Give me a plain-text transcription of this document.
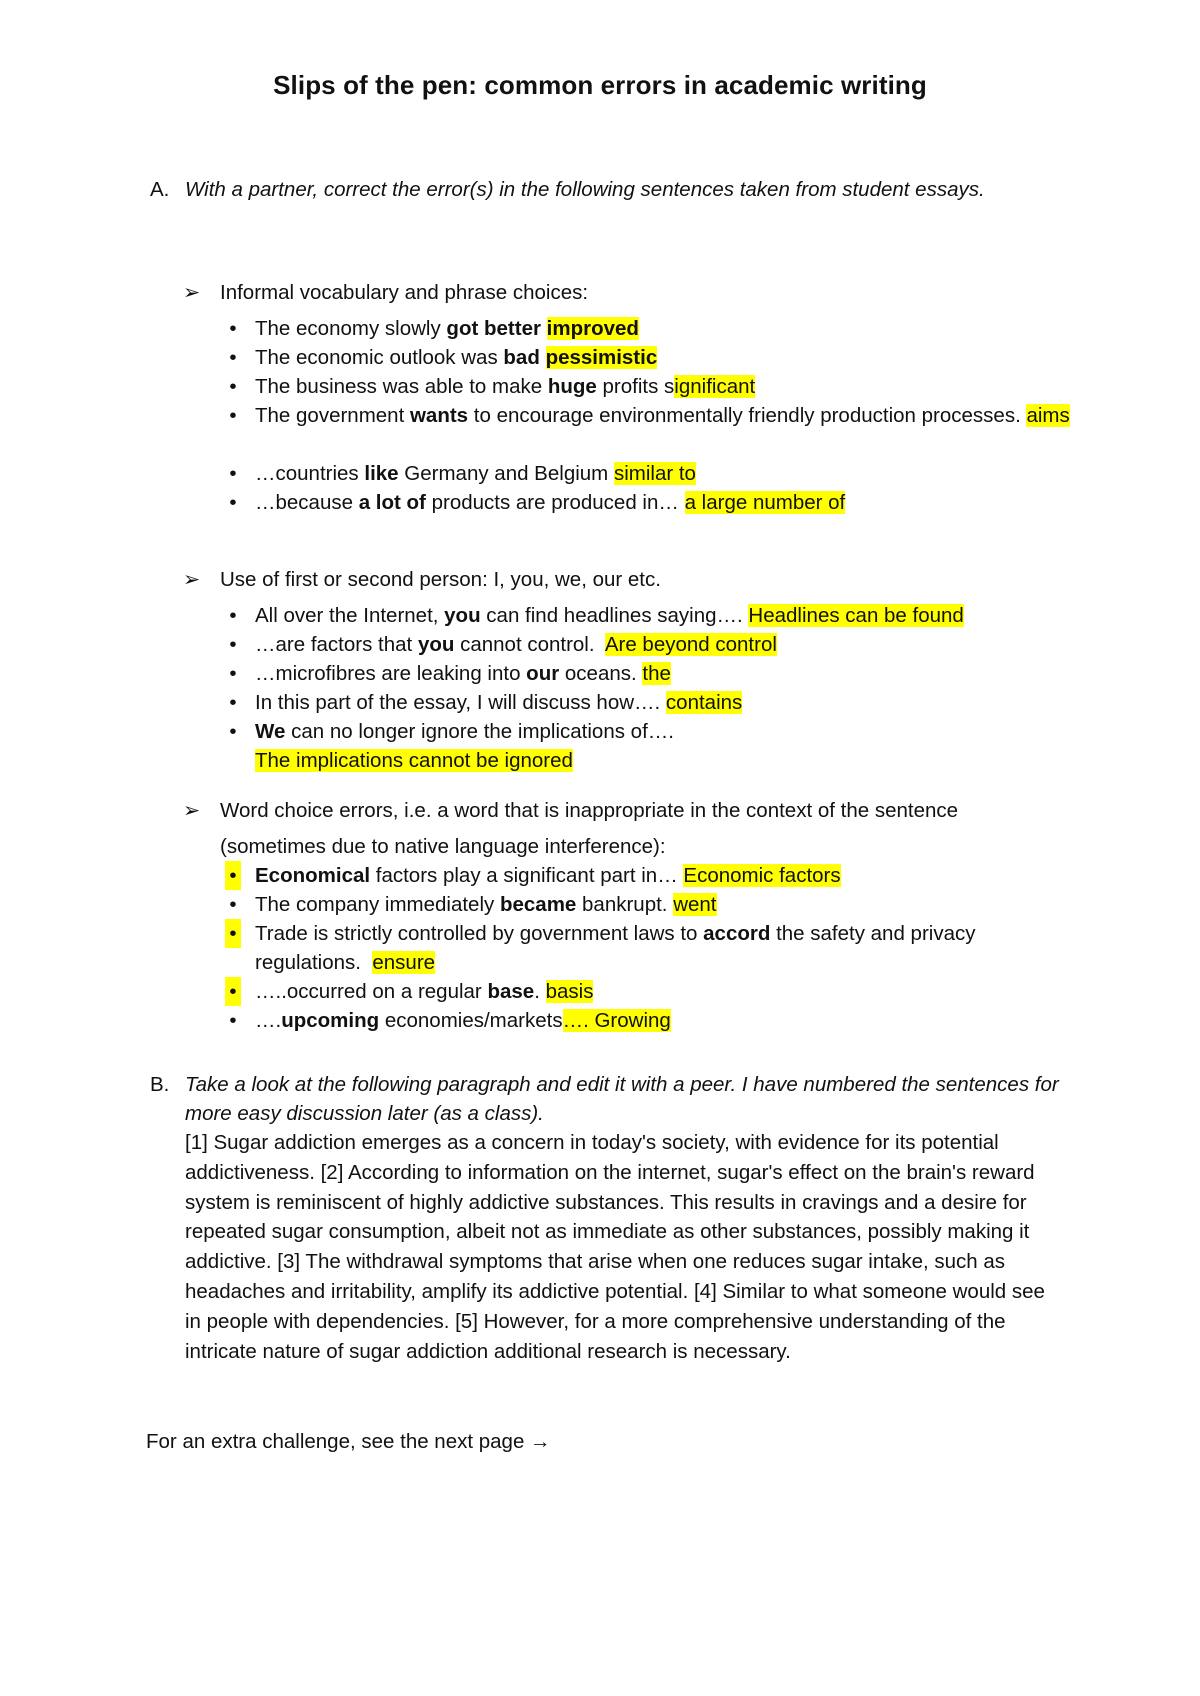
Slips of the pen: common errors in academic writing
A. With a partner, correct the error(s) in the following sentences taken from student essays.
➢ Informal vocabulary and phrase choices:
• The economy slowly got better improved
• The economic outlook was bad pessimistic
• The business was able to make huge profits significant
• The government wants to encourage environmentally friendly production processes. aims
• …countries like Germany and Belgium similar to
• …because a lot of products are produced in… a large number of
➢ Use of first or second person: I, you, we, our etc.
• All over the Internet, you can find headlines saying…. Headlines can be found
• …are factors that you cannot control.  Are beyond control
• …microfibres are leaking into our oceans. the
• In this part of the essay, I will discuss how…. contains
• We can no longer ignore the implications of….
The implications cannot be ignored
➢ Word choice errors, i.e. a word that is inappropriate in the context of the sentence (sometimes due to native language interference):
• Economical factors play a significant part in… Economic factors
• The company immediately became bankrupt. went
• Trade is strictly controlled by government laws to accord the safety and privacy regulations.  ensure
• …..occurred on a regular base. basis
• ….upcoming economies/markets…. Growing
B. Take a look at the following paragraph and edit it with a peer. I have numbered the sentences for more easy discussion later (as a class).
[1] Sugar addiction emerges as a concern in today's society, with evidence for its potential   addictiveness. [2] According to information on the internet, sugar's effect on the brain's reward system is reminiscent of highly addictive substances. This results in cravings and a desire for repeated sugar consumption, albeit not as immediate as other substances, possibly making it addictive. [3] The withdrawal symptoms that arise when one reduces sugar intake, such as headaches and irritability, amplify its addictive potential. [4] Similar to what someone would see in people with dependencies. [5] However, for a more comprehensive understanding of the intricate nature of sugar addiction additional research is necessary.
For an extra challenge, see the next page →
